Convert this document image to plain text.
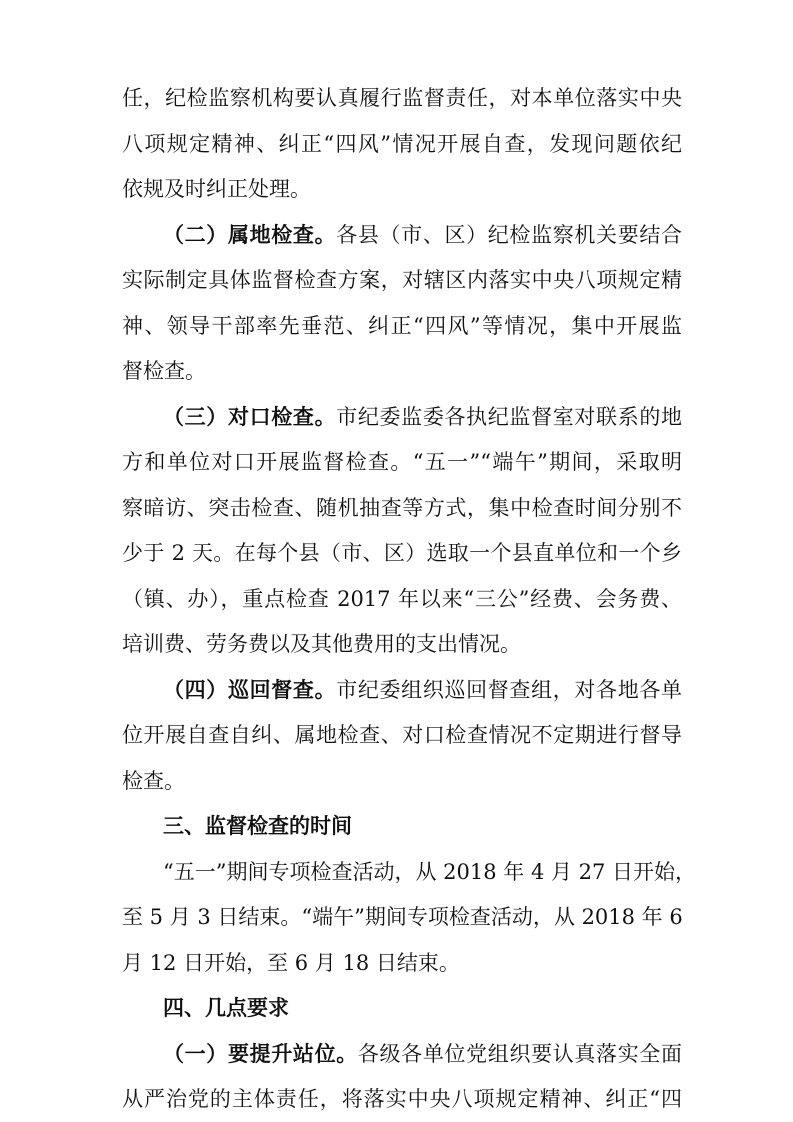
任，纪检监察机构要认真履行监督责任，对本单位落实中央
八项规定精神、纠正“四风”情况开展自查，发现问题依纪
依规及时纠正处理。
（二）属地检查。各县（市、区）纪检监察机关要结合
实际制定具体监督检查方案，对辖区内落实中央八项规定精
神、领导干部率先垂范、纠正“四风”等情况，集中开展监
督检查。
（三）对口检查。市纪委监委各执纪监督室对联系的地
方和单位对口开展监督检查。“五一”“端午”期间，采取明
察暗访、突击检查、随机抽查等方式，集中检查时间分别不
少于 2 天。在每个县（市、区）选取一个县直单位和一个乡
（镇、办），重点检查 2017 年以来“三公”经费、会务费、
培训费、劳务费以及其他费用的支出情况。
（四）巡回督查。市纪委组织巡回督查组，对各地各单
位开展自查自纠、属地检查、对口检查情况不定期进行督导
检查。
三、监督检查的时间
“五一”期间专项检查活动，从 2018 年 4 月 27 日开始，
至 5 月 3 日结束。“端午”期间专项检查活动，从 2018 年 6
月 12 日开始，至 6 月 18 日结束。
四、几点要求
（一）要提升站位。各级各单位党组织要认真落实全面
从严治党的主体责任，将落实中央八项规定精神、纠正“四
